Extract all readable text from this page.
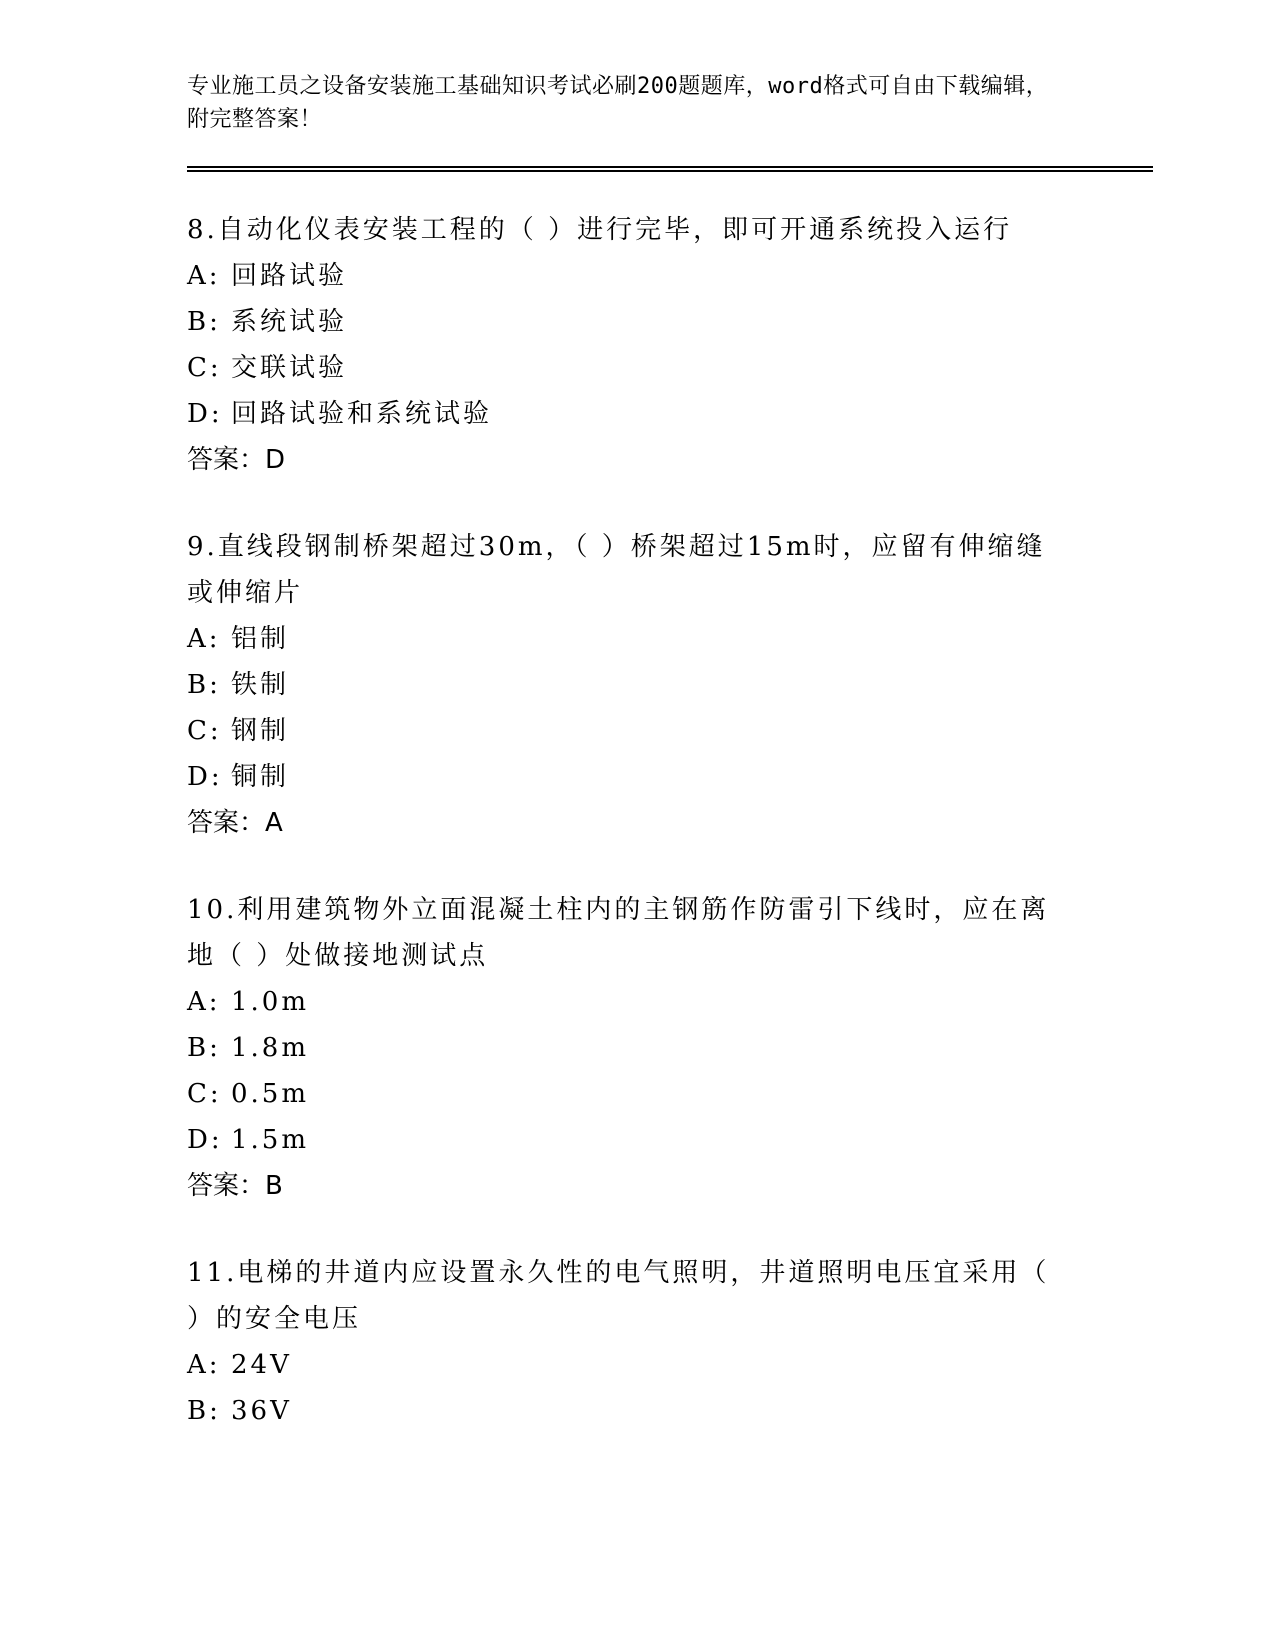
专业施工员之设备安装施工基础知识考试必刷200题题库，word格式可自由下载编辑，附完整答案！
8.自动化仪表安装工程的（ ）进行完毕，即可开通系统投入运行
A: 回路试验
B: 系统试验
C: 交联试验
D: 回路试验和系统试验
答案：D
9.直线段钢制桥架超过30m，（ ）桥架超过15m时，应留有伸缩缝或伸缩片
A: 铝制
B: 铁制
C: 钢制
D: 铜制
答案：A
10.利用建筑物外立面混凝土柱内的主钢筋作防雷引下线时，应在离地（ ）处做接地测试点
A: 1.0m
B: 1.8m
C: 0.5m
D: 1.5m
答案：B
11.电梯的井道内应设置永久性的电气照明，井道照明电压宜采用（ ）的安全电压
A: 24V
B: 36V
